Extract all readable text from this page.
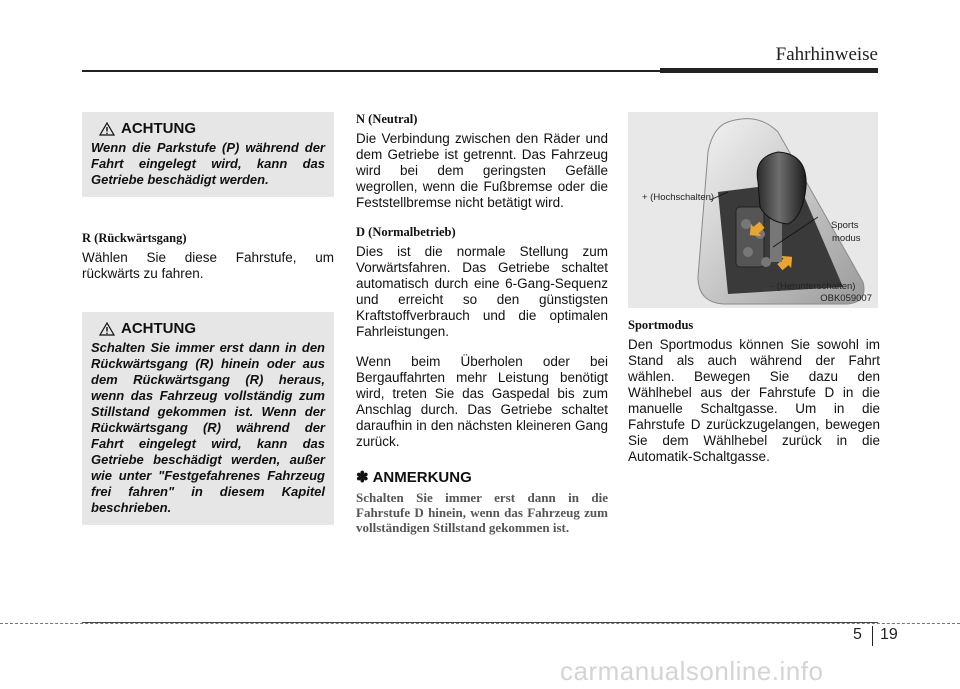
Fahrhinweise
ACHTUNG
Wenn die Parkstufe (P) während der Fahrt eingelegt wird, kann das Getriebe beschädigt werden.
R (Rückwärtsgang)

Wählen Sie diese Fahrstufe, um rückwärts zu fahren.

ACHTUNG
Schalten Sie immer erst dann in den Rückwärtsgang (R) hinein oder aus dem Rückwärtsgang (R) heraus, wenn das Fahrzeug vollständig zum Stillstand gekommen ist. Wenn der Rückwärtsgang (R) während der Fahrt eingelegt wird, kann das Getriebe beschädigt werden, außer wie unter "Festgefahrenes Fahrzeug frei fahren" in diesem Kapitel beschrieben.
N (Neutral)

Die Verbindung zwischen den Räder und dem Getriebe ist getrennt. Das Fahrzeug wird bei dem geringsten Gefälle wegrollen, wenn die Fußbremse oder die Feststellbremse nicht betätigt wird.

D (Normalbetrieb)

Dies ist die normale Stellung zum Vorwärtsfahren. Das Getriebe schaltet automatisch durch eine 6-Gang-Sequenz und erreicht so den günstigsten Kraftstoffverbrauch und die optimalen Fahrleistungen.

Wenn beim Überholen oder bei Bergauffahrten mehr Leistung benötigt wird, treten Sie das Gaspedal bis zum Anschlag durch. Das Getriebe schaltet daraufhin in den nächsten kleineren Gang zurück.

✽ ANMERKUNG

Schalten Sie immer erst dann in die Fahrstufe D hinein, wenn das Fahrzeug zum vollständigen Stillstand gekommen ist.

+ (Hochschalten)
Sports
modus
- (Herunterschalten)
OBK059007
Sportmodus

Den Sportmodus können Sie sowohl im Stand als auch während der Fahrt wählen. Bewegen Sie dazu den Wählhebel aus der Fahrstufe D in die manuelle Schaltgasse. Um in die Fahrstufe D zurückzugelangen, bewegen Sie dem Wählhebel zurück in die Automatik-Schaltgasse.

5 19
carmanualsonline.info
